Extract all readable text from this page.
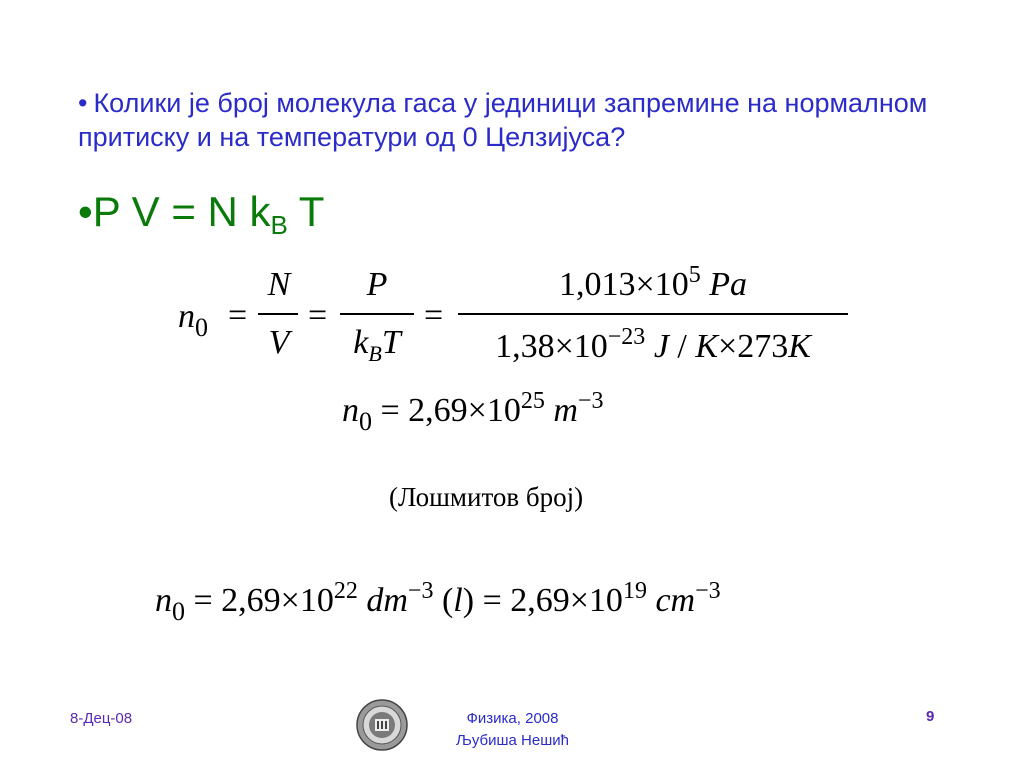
• Колики је број молекула гаса у јединици запремине на нормалном притиску и на температури од 0 Целзијуса?
•P V = N $k_B$ T
$n_0$ =
N
V
=
P
$k_BT$
=
$1,013\times 10^5$ Pa
$1,38\times 10^{-23}$ J / K×273K
$n_0 = 2,69\times 10^{25}$ $m^{-3}$
(Лошмитов број)
$n_0 = 2,69\times 10^{22}$ $dm^{-3}$ $(l) = 2,69\times 10^{19}$ $cm^{-3}$
8-Дец-08	Физика, 2008
Љубиша Нешић
9
